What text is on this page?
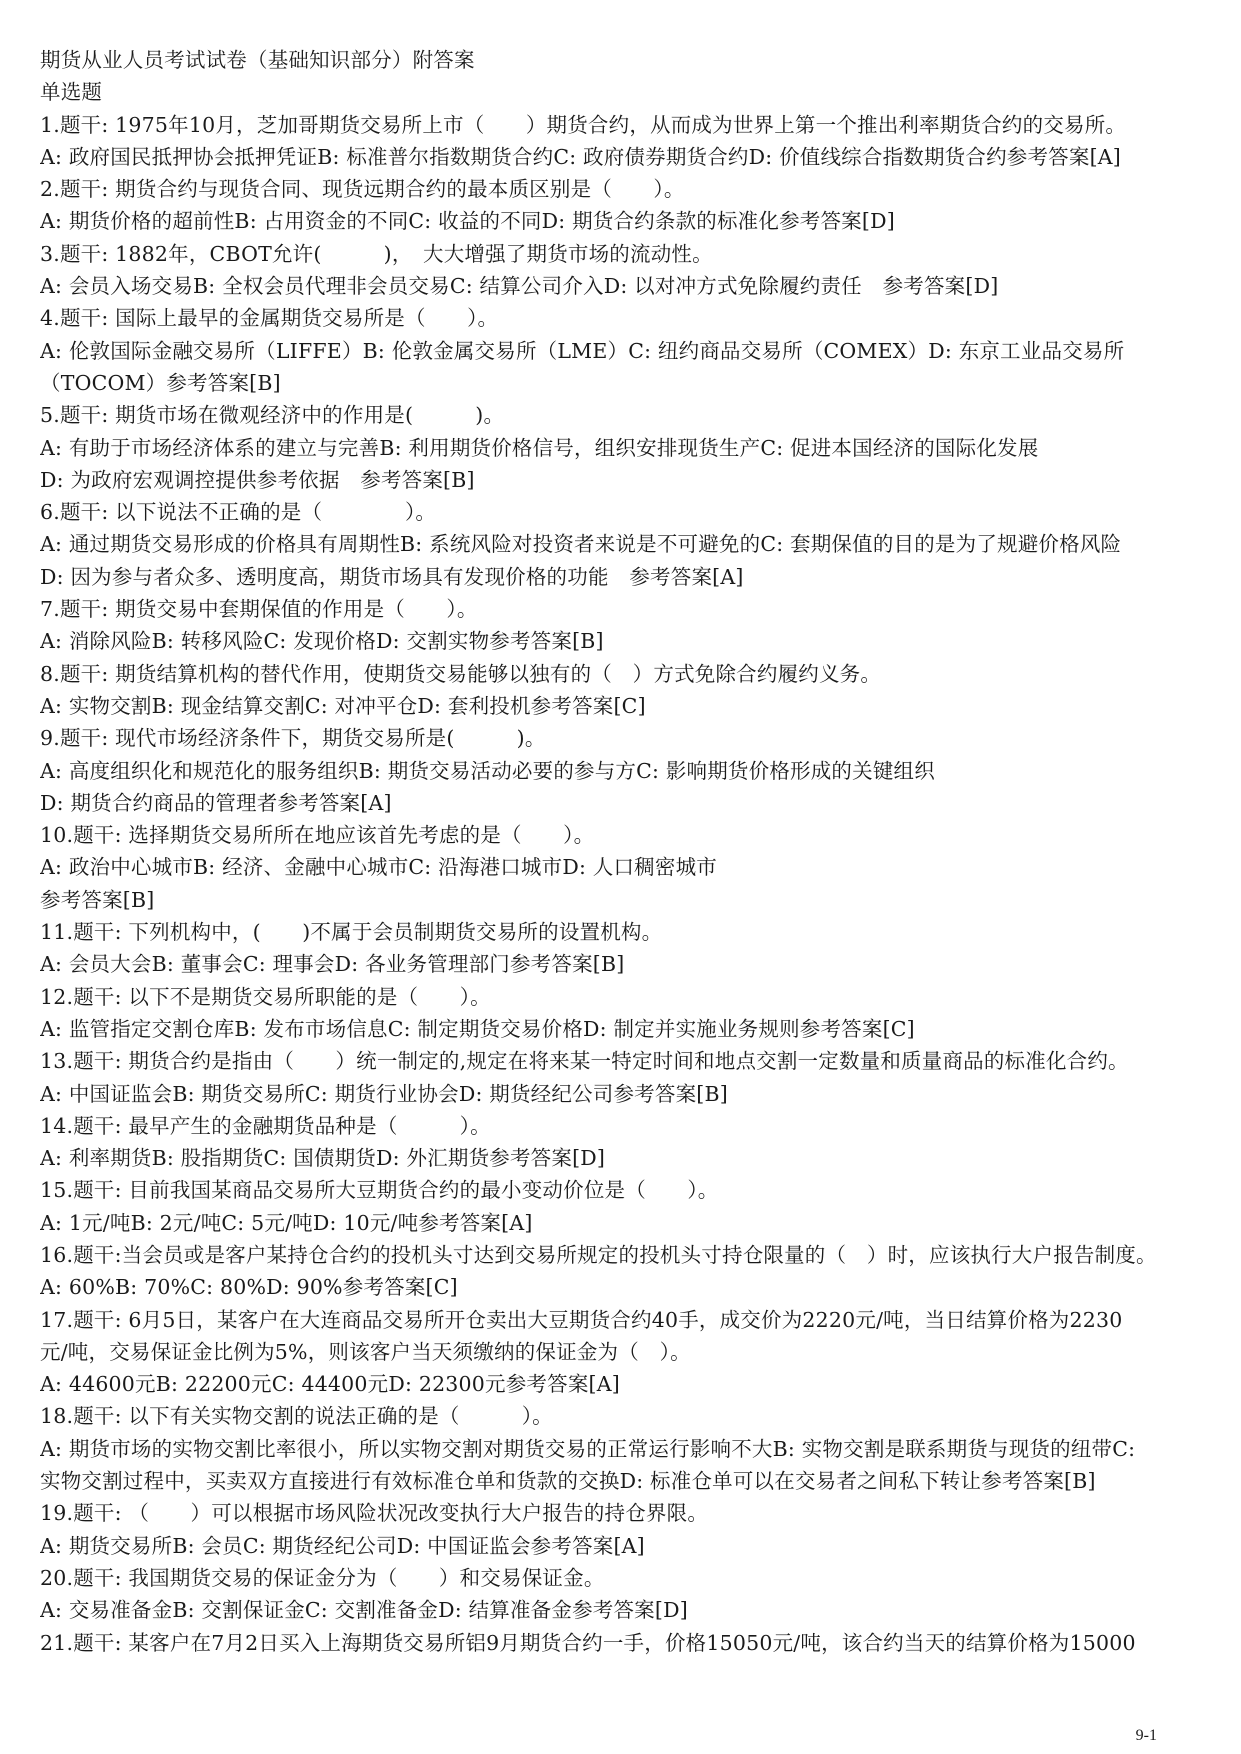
期货从业人员考试试卷（基础知识部分）附答案
单选题
1.题干: 1975年10月，芝加哥期货交易所上市（　　）期货合约，从而成为世界上第一个推出利率期货合约的交易所。
A: 政府国民抵押协会抵押凭证B: 标准普尔指数期货合约C: 政府债券期货合约D: 价值线综合指数期货合约参考答案[A]
2.题干: 期货合约与现货合同、现货远期合约的最本质区别是（　　）。
A: 期货价格的超前性B: 占用资金的不同C: 收益的不同D: 期货合约条款的标准化参考答案[D]
3.题干: 1882年，CBOT允许(　　　)，　大大增强了期货市场的流动性。
A: 会员入场交易B: 全权会员代理非会员交易C: 结算公司介入D: 以对冲方式免除履约责任　参考答案[D]
4.题干: 国际上最早的金属期货交易所是（　　）。
A: 伦敦国际金融交易所（LIFFE）B: 伦敦金属交易所（LME）C: 纽约商品交易所（COMEX）D: 东京工业品交易所
（TOCOM）参考答案[B]
5.题干: 期货市场在微观经济中的作用是(　　　)。
A: 有助于市场经济体系的建立与完善B: 利用期货价格信号，组织安排现货生产C: 促进本国经济的国际化发展
D: 为政府宏观调控提供参考依据　参考答案[B]
6.题干: 以下说法不正确的是（　　　　）。
A: 通过期货交易形成的价格具有周期性B: 系统风险对投资者来说是不可避免的C: 套期保值的目的是为了规避价格风险
D: 因为参与者众多、透明度高，期货市场具有发现价格的功能　参考答案[A]
7.题干: 期货交易中套期保值的作用是（　　）。
A: 消除风险B: 转移风险C: 发现价格D: 交割实物参考答案[B]
8.题干: 期货结算机构的替代作用，使期货交易能够以独有的（　）方式免除合约履约义务。
A: 实物交割B: 现金结算交割C: 对冲平仓D: 套利投机参考答案[C]
9.题干: 现代市场经济条件下，期货交易所是(　　　)。
A: 高度组织化和规范化的服务组织B: 期货交易活动必要的参与方C: 影响期货价格形成的关键组织
D: 期货合约商品的管理者参考答案[A]
10.题干: 选择期货交易所所在地应该首先考虑的是（　　）。
A: 政治中心城市B: 经济、金融中心城市C: 沿海港口城市D: 人口稠密城市
参考答案[B]
11.题干: 下列机构中，(　　)不属于会员制期货交易所的设置机构。
A: 会员大会B: 董事会C: 理事会D: 各业务管理部门参考答案[B]
12.题干: 以下不是期货交易所职能的是（　　）。
A: 监管指定交割仓库B: 发布市场信息C: 制定期货交易价格D: 制定并实施业务规则参考答案[C]
13.题干: 期货合约是指由（　　）统一制定的,规定在将来某一特定时间和地点交割一定数量和质量商品的标准化合约。
A: 中国证监会B: 期货交易所C: 期货行业协会D: 期货经纪公司参考答案[B]
14.题干: 最早产生的金融期货品种是（　　　）。
A: 利率期货B: 股指期货C: 国债期货D: 外汇期货参考答案[D]
15.题干: 目前我国某商品交易所大豆期货合约的最小变动价位是（　　）。
A: 1元/吨B: 2元/吨C: 5元/吨D: 10元/吨参考答案[A]
16.题干:当会员或是客户某持仓合约的投机头寸达到交易所规定的投机头寸持仓限量的（　）时，应该执行大户报告制度。
A: 60%B: 70%C: 80%D: 90%参考答案[C]
17.题干: 6月5日，某客户在大连商品交易所开仓卖出大豆期货合约40手，成交价为2220元/吨，当日结算价格为2230
元/吨，交易保证金比例为5%，则该客户当天须缴纳的保证金为（　）。
A: 44600元B: 22200元C: 44400元D: 22300元参考答案[A]
18.题干: 以下有关实物交割的说法正确的是（　　　）。
A: 期货市场的实物交割比率很小，所以实物交割对期货交易的正常运行影响不大B: 实物交割是联系期货与现货的纽带C:
实物交割过程中，买卖双方直接进行有效标准仓单和货款的交换D: 标准仓单可以在交易者之间私下转让参考答案[B]
19.题干: （　　）可以根据市场风险状况改变执行大户报告的持仓界限。
A: 期货交易所B: 会员C: 期货经纪公司D: 中国证监会参考答案[A]
20.题干: 我国期货交易的保证金分为（　　）和交易保证金。
A: 交易准备金B: 交割保证金C: 交割准备金D: 结算准备金参考答案[D]
21.题干: 某客户在7月2日买入上海期货交易所铝9月期货合约一手，价格15050元/吨，该合约当天的结算价格为15000
9-1
